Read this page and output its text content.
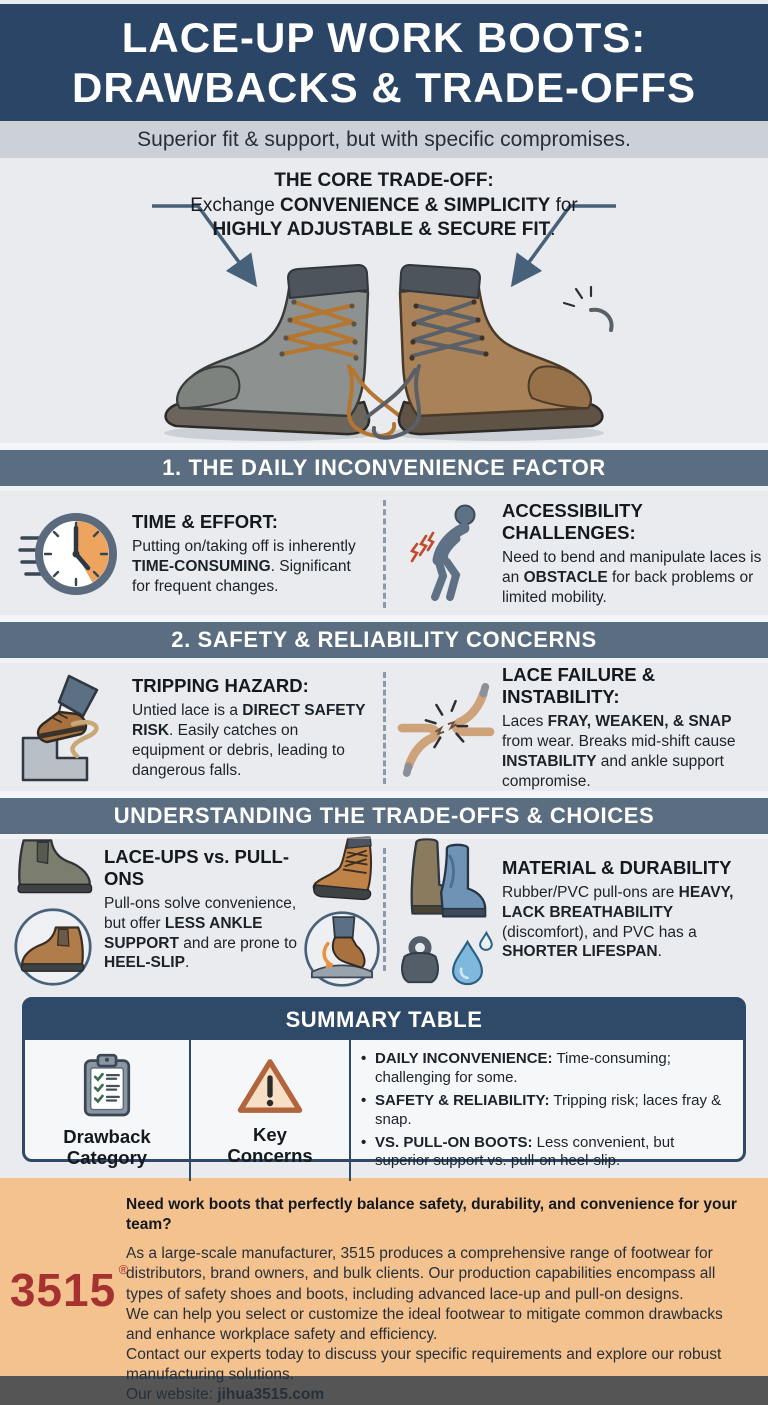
LACE-UP WORK BOOTS:
DRAWBACKS & TRADE-OFFS
Superior fit & support, but with specific compromises.
THE CORE TRADE-OFF:
Exchange CONVENIENCE & SIMPLICITY for
HIGHLY ADJUSTABLE & SECURE FIT.
1. THE DAILY INCONVENIENCE FACTOR
TIME & EFFORT:
Putting on/taking off is inherently TIME-CONSUMING. Significant for frequent changes.
ACCESSIBILITY CHALLENGES:
Need to bend and manipulate laces is an OBSTACLE for back problems or limited mobility.
2. SAFETY & RELIABILITY CONCERNS
TRIPPING HAZARD:
Untied lace is a DIRECT SAFETY RISK. Easily catches on equipment or debris, leading to dangerous falls.
LACE FAILURE & INSTABILITY:
Laces FRAY, WEAKEN, & SNAP from wear. Breaks mid-shift cause INSTABILITY and ankle support compromise.
UNDERSTANDING THE TRADE-OFFS & CHOICES
LACE-UPS vs. PULL-ONS
Pull-ons solve convenience, but offer LESS ANKLE SUPPORT and are prone to HEEL-SLIP.
MATERIAL & DURABILITY
Rubber/PVC pull-ons are HEAVY, LACK BREATHABILITY (discomfort), and PVC has a SHORTER LIFESPAN.
SUMMARY TABLE
Drawback Category
Key Concerns
• DAILY INCONVENIENCE: Time-consuming; challenging for some.
• SAFETY & RELIABILITY: Tripping risk; laces fray & snap.
• VS. PULL-ON BOOTS: Less convenient, but superior support vs. pull-on heel-slip.
3515 ®
Need work boots that perfectly balance safety, durability, and convenience for your team?

As a large-scale manufacturer, 3515 produces a comprehensive range of footwear for distributors, brand owners, and bulk clients. Our production capabilities encompass all types of safety shoes and boots, including advanced lace-up and pull-on designs.

We can help you select or customize the ideal footwear to mitigate common drawbacks and enhance workplace safety and efficiency.

Contact our experts today to discuss your specific requirements and explore our robust manufacturing solutions.

Our website: jihua3515.com
